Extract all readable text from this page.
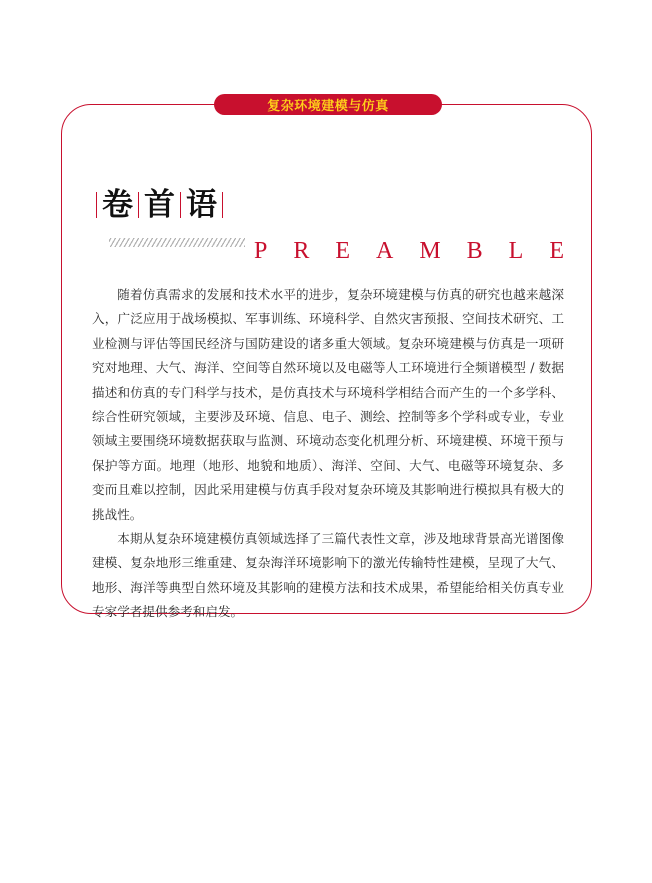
复杂环境建模与仿真
卷 首 语
P R E A M B L E

随着仿真需求的发展和技术水平的进步，复杂环境建模与仿真的研究也越来越深入，广泛应用于战场模拟、军事训练、环境科学、自然灾害预报、空间技术研究、工业检测与评估等国民经济与国防建设的诸多重大领域。复杂环境建模与仿真是一项研究对地理、大气、海洋、空间等自然环境以及电磁等人工环境进行全频谱模型 / 数据描述和仿真的专门科学与技术，是仿真技术与环境科学相结合而产生的一个多学科、综合性研究领域，主要涉及环境、信息、电子、测绘、控制等多个学科或专业，专业领域主要围绕环境数据获取与监测、环境动态变化机理分析、环境建模、环境干预与保护等方面。地理（地形、地貌和地质）、海洋、空间、大气、电磁等环境复杂、多变而且难以控制，因此采用建模与仿真手段对复杂环境及其影响进行模拟具有极大的挑战性。

本期从复杂环境建模仿真领域选择了三篇代表性文章，涉及地球背景高光谱图像建模、复杂地形三维重建、复杂海洋环境影响下的激光传输特性建模，呈现了大气、地形、海洋等典型自然环境及其影响的建模方法和技术成果，希望能给相关仿真专业专家学者提供参考和启发。
